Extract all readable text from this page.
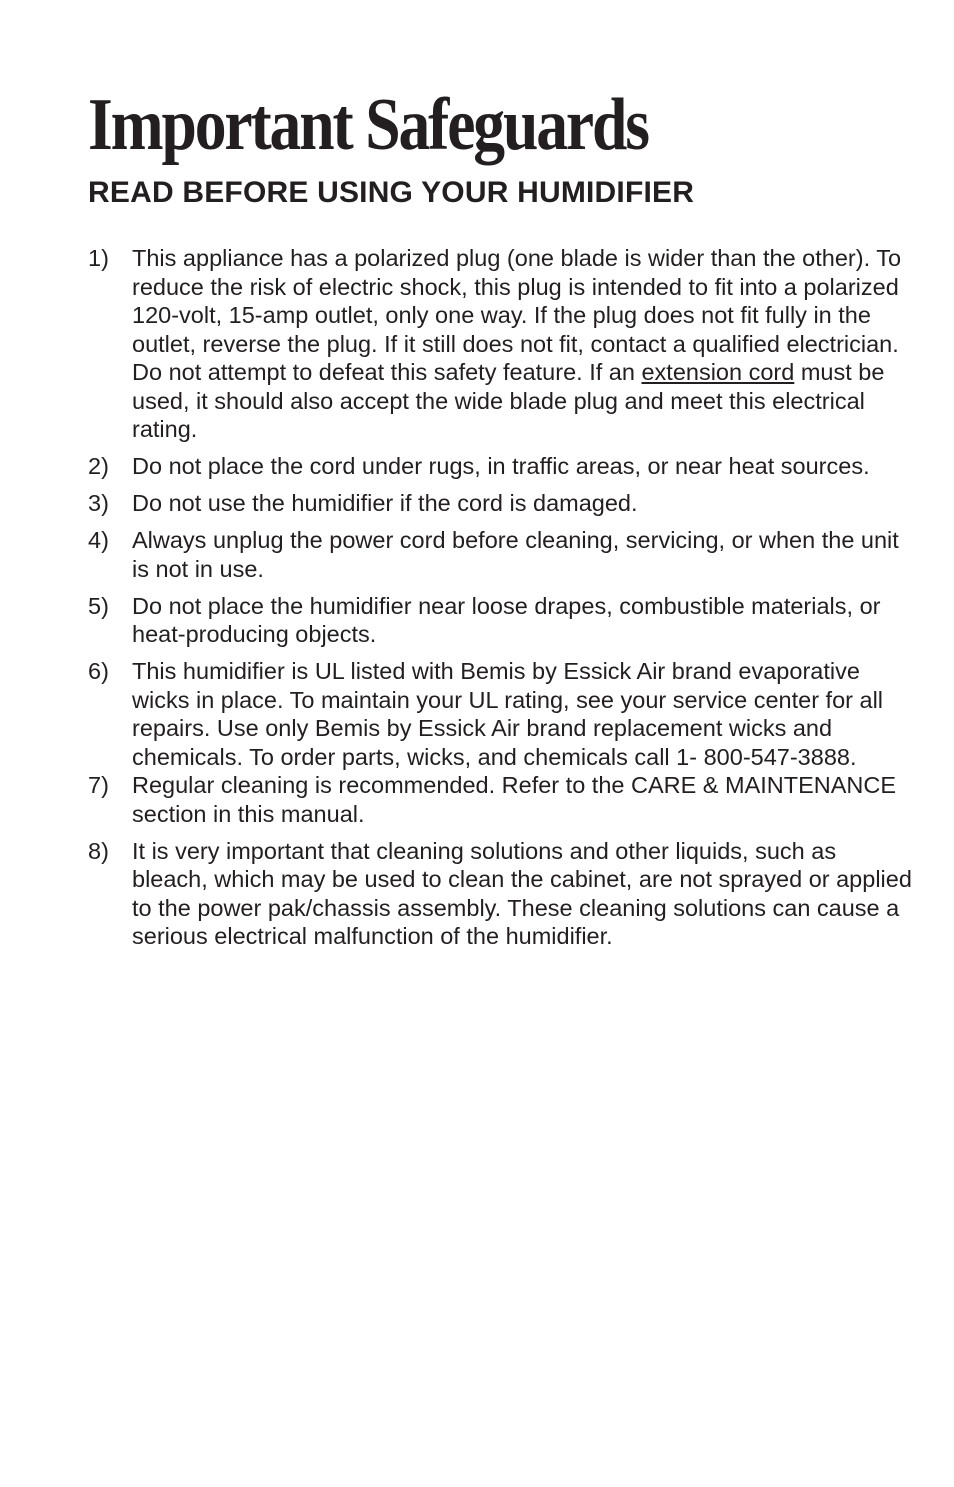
Important Safeguards
READ BEFORE USING YOUR HUMIDIFIER
1) This appliance has a polarized plug (one blade is wider than the other). To reduce the risk of electric shock, this plug is intended to fit into a polarized 120-volt, 15-amp outlet, only one way. If the plug does not fit fully in the outlet, reverse the plug. If it still does not fit, contact a qualified electrician. Do not attempt to defeat this safety feature. If an extension cord must be used, it should also accept the wide blade plug and meet this electrical rating.
2) Do not place the cord under rugs, in traffic areas, or near heat sources.
3) Do not use the humidifier if the cord is damaged.
4) Always unplug the power cord before cleaning, servicing, or when the unit is not in use.
5) Do not place the humidifier near loose drapes, combustible materials, or heat-producing objects.
6) This humidifier is UL listed with Bemis by Essick Air brand evaporative wicks in place. To maintain your UL rating, see your service center for all repairs. Use only Bemis by Essick Air brand replacement wicks and chemicals. To order parts, wicks, and chemicals call 1- 800-547-3888.
7) Regular cleaning is recommended. Refer to the CARE & MAINTENANCE section in this manual.
8) It is very important that cleaning solutions and other liquids, such as bleach, which may be used to clean the cabinet, are not sprayed or applied to the power pak/chassis assembly. These cleaning solutions can cause a serious electrical malfunction of the humidifier.
